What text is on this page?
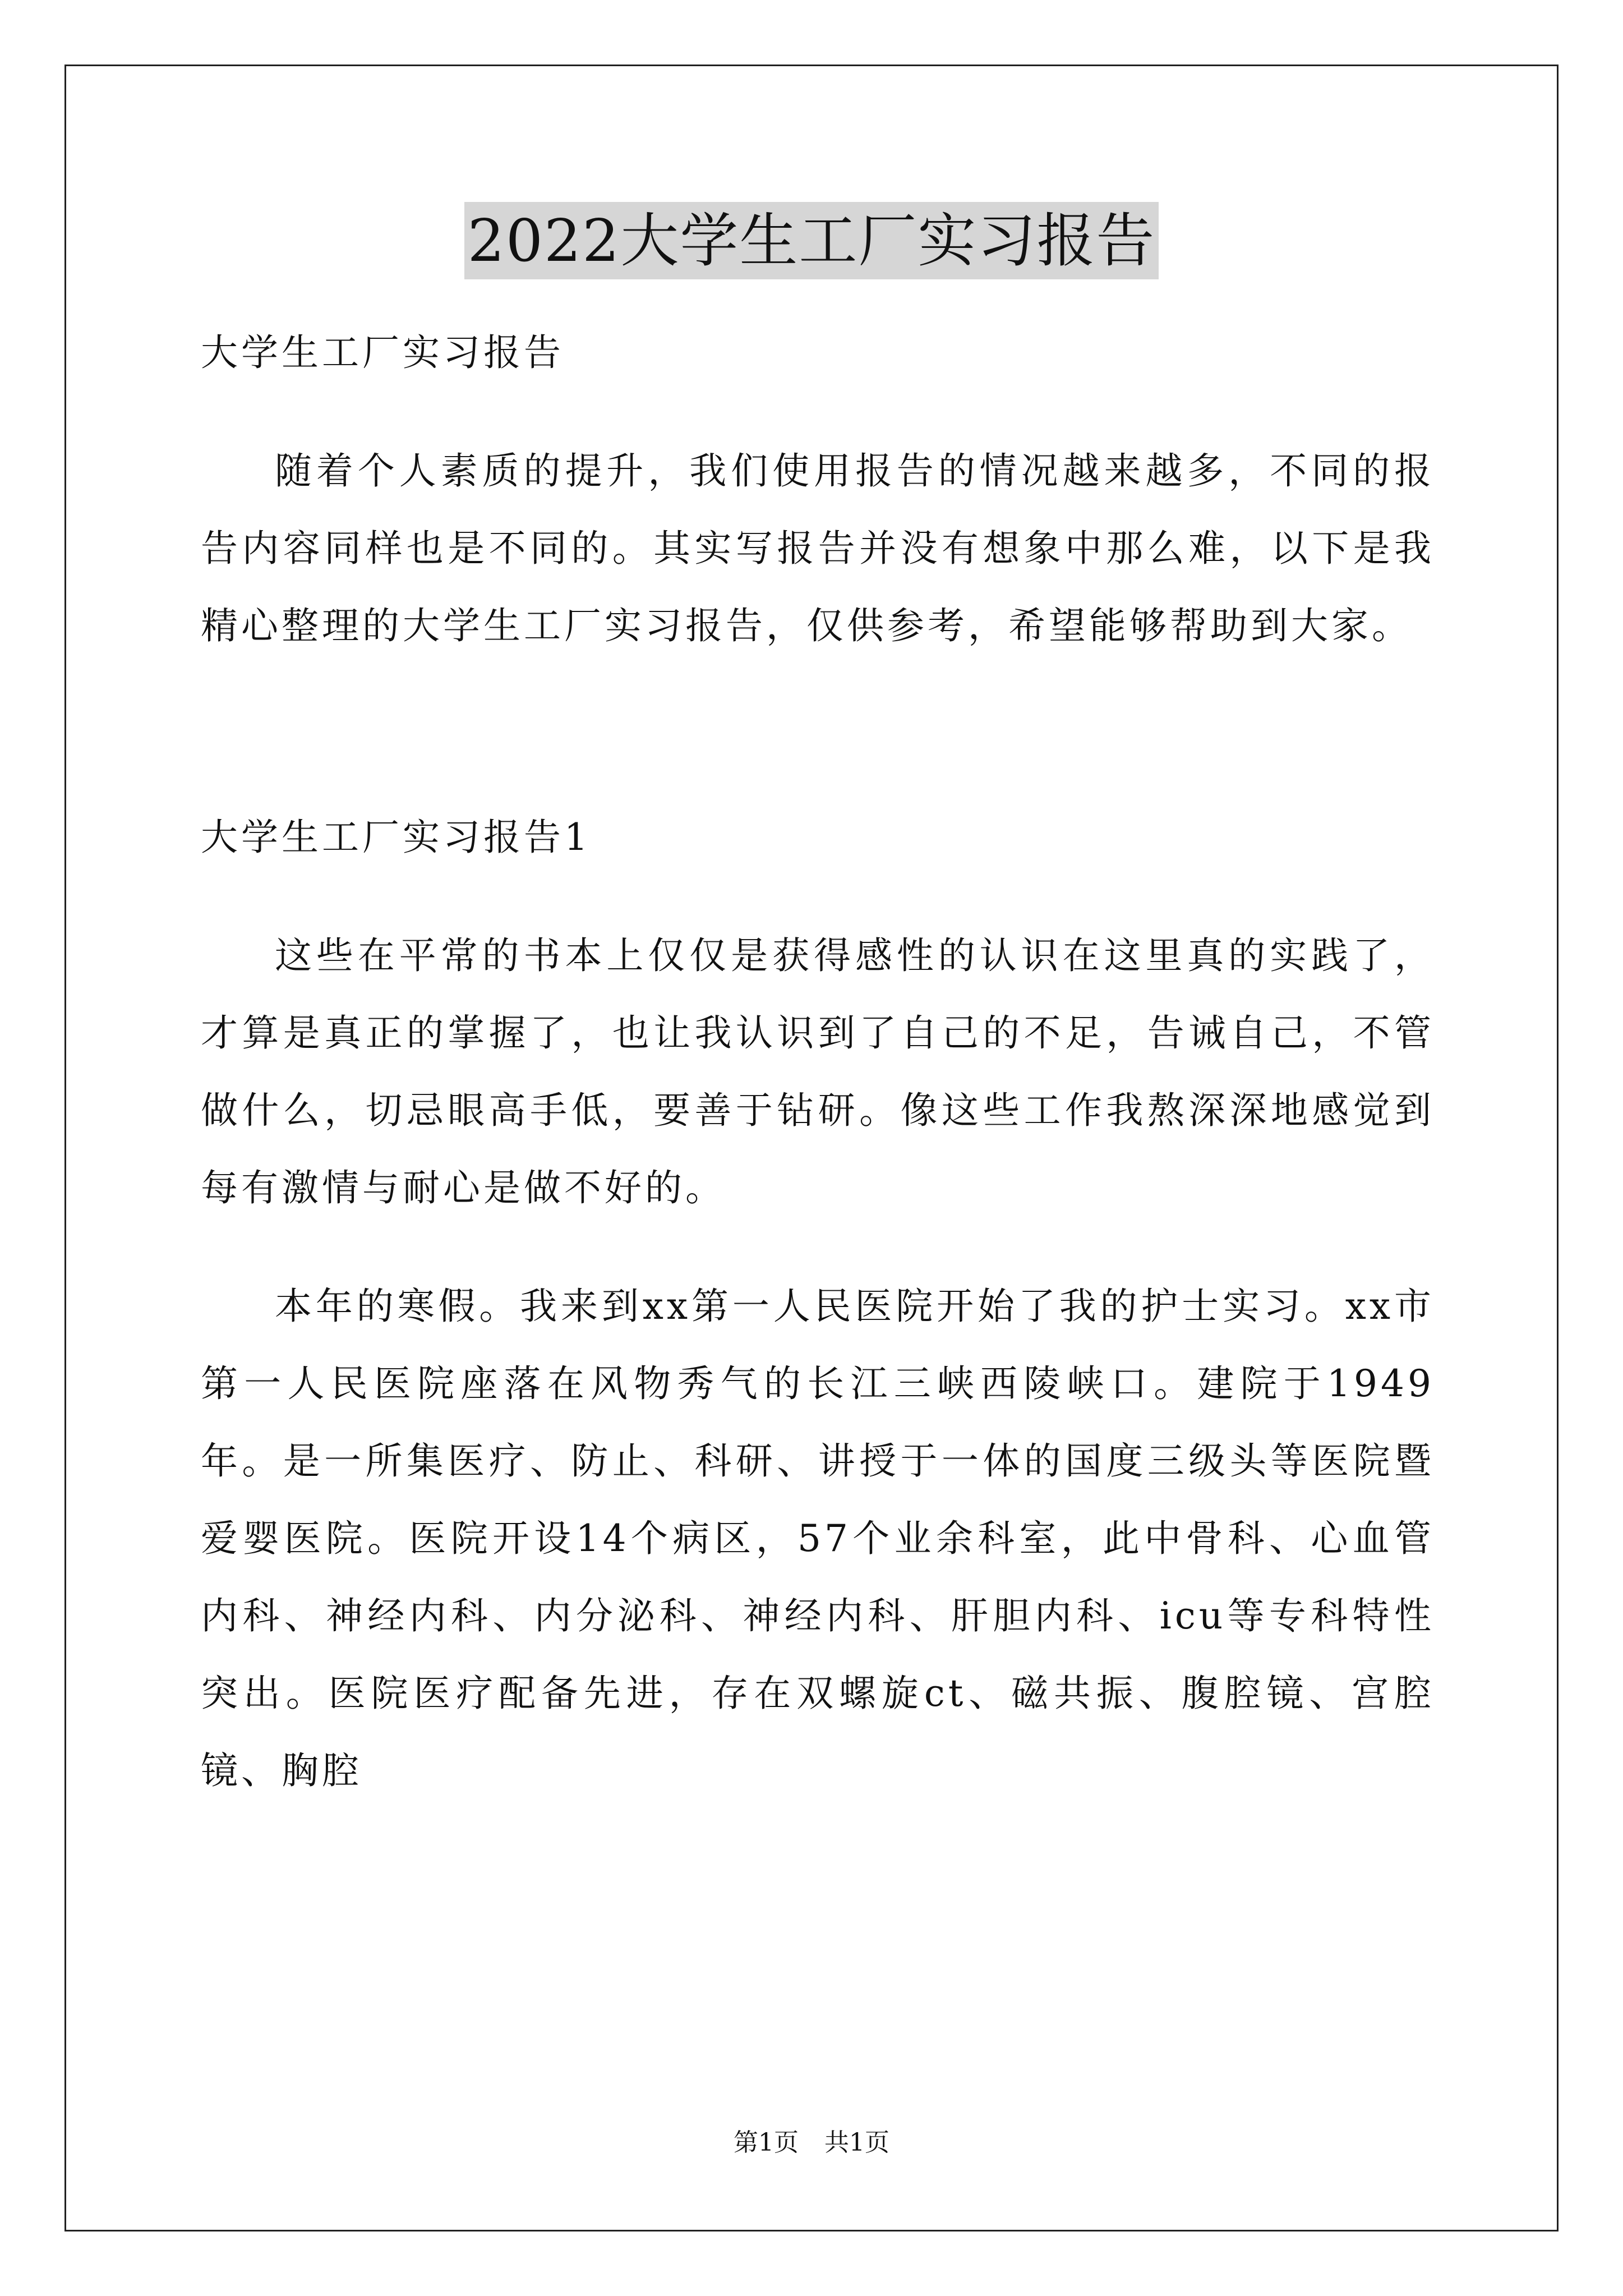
2022大学生工厂实习报告

大学生工厂实习报告

随着个人素质的提升，我们使用报告的情况越来越多，不同的报告内容同样也是不同的。其实写报告并没有想象中那么难，以下是我精心整理的大学生工厂实习报告，仅供参考，希望能够帮助到大家。

大学生工厂实习报告1

这些在平常的书本上仅仅是获得感性的认识在这里真的实践了，才算是真正的掌握了，也让我认识到了自己的不足，告诫自己，不管做什么，切忌眼高手低，要善于钻研。像这些工作我熬深深地感觉到每有激情与耐心是做不好的。

本年的寒假。我来到xx第一人民医院开始了我的护士实习。xx市第一人民医院座落在风物秀气的长江三峡西陵峡口。建院于1949年。是一所集医疗、防止、科研、讲授于一体的国度三级头等医院暨爱婴医院。医院开设14个病区，57个业余科室，此中骨科、心血管内科、神经内科、内分泌科、神经内科、肝胆内科、icu等专科特性突出。医院医疗配备先进，存在双螺旋ct、磁共振、腹腔镜、宫腔镜、胸腔

第1页 共1页
